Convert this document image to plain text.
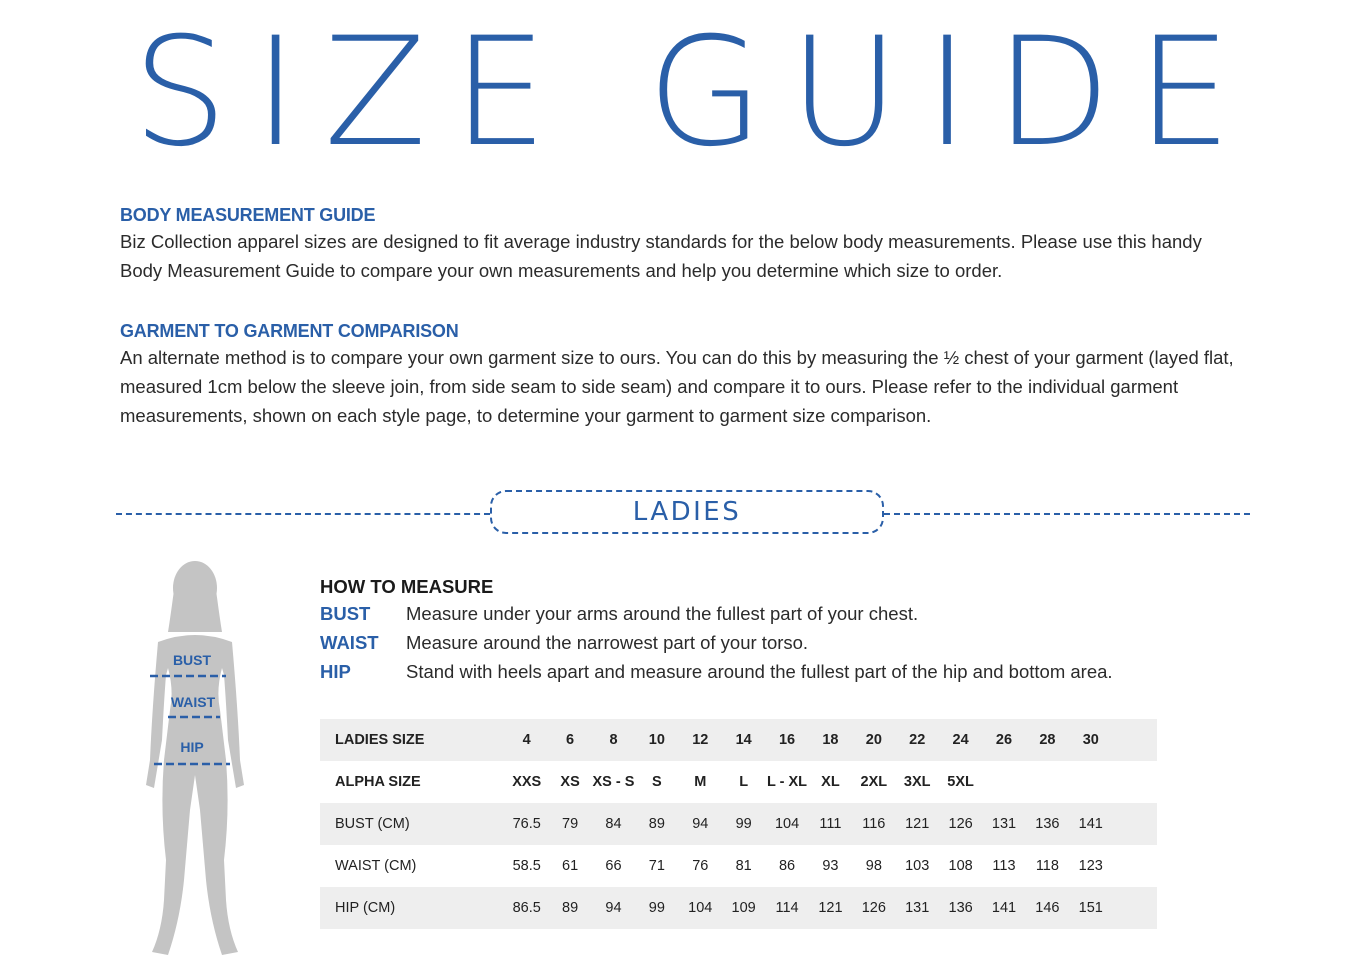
SIZE GUIDE
BODY MEASUREMENT GUIDE
Biz Collection apparel sizes are designed to fit average industry standards for the below body measurements. Please use this handy Body Measurement Guide to compare your own measurements and help you determine which size to order.
GARMENT TO GARMENT COMPARISON
An alternate method is to compare your own garment size to ours. You can do this by measuring the ½ chest of your garment (layed flat, measured 1cm below the sleeve join, from side seam to side seam) and compare it to ours. Please refer to the individual garment measurements, shown on each style page, to determine your garment to garment size comparison.
LADIES
BUST
WAIST
HIP
HOW TO MEASURE
BUST	Measure under your arms around the fullest part of your chest.
WAIST	Measure around the narrowest part of your torso.
HIP	Stand with heels apart and measure around the fullest part of the hip and bottom area.
LADIES SIZE	4	6	8	10	12	14	16	18	20	22	24	26	28	30	
ALPHA SIZE	XXS	XS	XS - S	S	M	L	L - XL	XL	2XL	3XL	5XL				
BUST (CM)	76.5	79	84	89	94	99	104	111	116	121	126	131	136	141	
WAIST (CM)	58.5	61	66	71	76	81	86	93	98	103	108	113	118	123	
HIP (CM)	86.5	89	94	99	104	109	114	121	126	131	136	141	146	151	
